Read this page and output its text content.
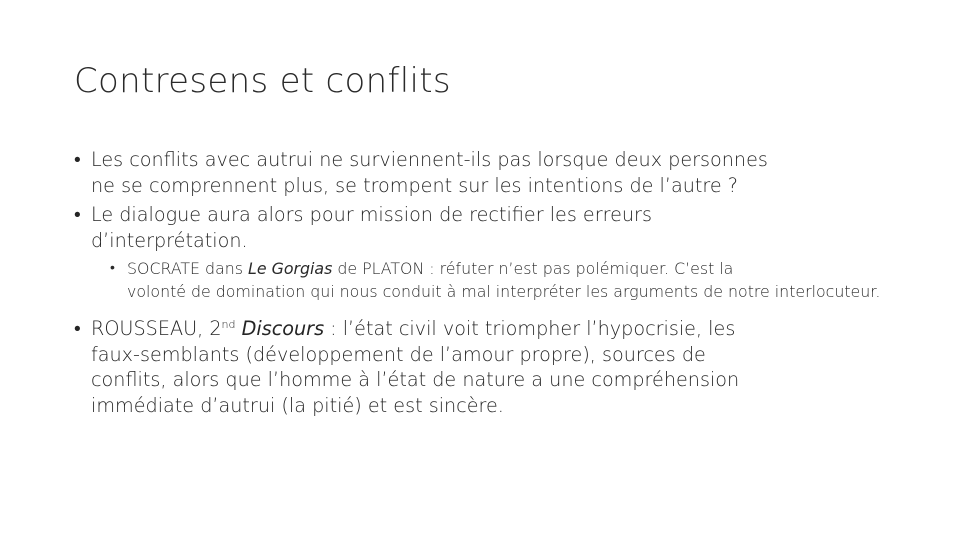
Contresens et conflits
• Les conflits avec autrui ne surviennent-ils pas lorsque deux personnes
ne se comprennent plus, se trompent sur les intentions de l’autre ?
• Le dialogue aura alors pour mission de rectifier les erreurs
d’interprétation.
• SOCRATE dans Le Gorgias de PLATON : réfuter n’est pas polémiquer. C’est la volonté de domination qui nous conduit à mal interpréter les arguments de notre interlocuteur.
• ROUSSEAU, 2nd Discours : l’état civil voit triompher l’hypocrisie, les
faux-semblants (développement de l’amour propre), sources de
conflits, alors que l’homme à l’état de nature a une compréhension
immédiate d’autrui (la pitié) et est sincère.
